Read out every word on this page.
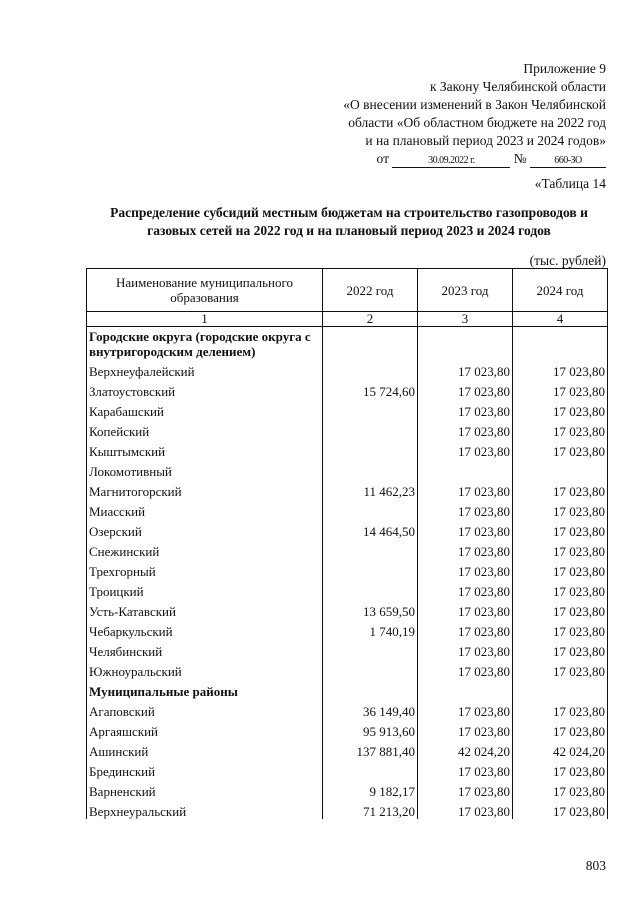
Приложение 9
к Закону Челябинской области
«О внесении изменений в Закон Челябинской
области «Об областном бюджете на 2022 год
и на плановый период 2023 и 2024 годов»
от	30.09.2022 г.	№	660-ЗО
«Таблица 14
Распределение субсидий местным бюджетам на строительство газопроводов и газовых сетей на 2022 год и на плановый период 2023 и 2024 годов
(тыс. рублей)
Наименование муниципального образования	2022 год	2023 год	2024 год
1	2	3	4
Городские округа (городские округа с внутригородским делением)			
Верхнеуфалейский		17 023,80	17 023,80
Златоустовский	15 724,60	17 023,80	17 023,80
Карабашский		17 023,80	17 023,80
Копейский		17 023,80	17 023,80
Кыштымский		17 023,80	17 023,80
Локомотивный			
Магнитогорский	11 462,23	17 023,80	17 023,80
Миасский		17 023,80	17 023,80
Озерский	14 464,50	17 023,80	17 023,80
Снежинский		17 023,80	17 023,80
Трехгорный		17 023,80	17 023,80
Троицкий		17 023,80	17 023,80
Усть-Катавский	13 659,50	17 023,80	17 023,80
Чебаркульский	1 740,19	17 023,80	17 023,80
Челябинский		17 023,80	17 023,80
Южноуральский		17 023,80	17 023,80
Муниципальные районы			
Агаповский	36 149,40	17 023,80	17 023,80
Аргаяшский	95 913,60	17 023,80	17 023,80
Ашинский	137 881,40	42 024,20	42 024,20
Брединский		17 023,80	17 023,80
Варненский	9 182,17	17 023,80	17 023,80
Верхнеуральский	71 213,20	17 023,80	17 023,80
803
